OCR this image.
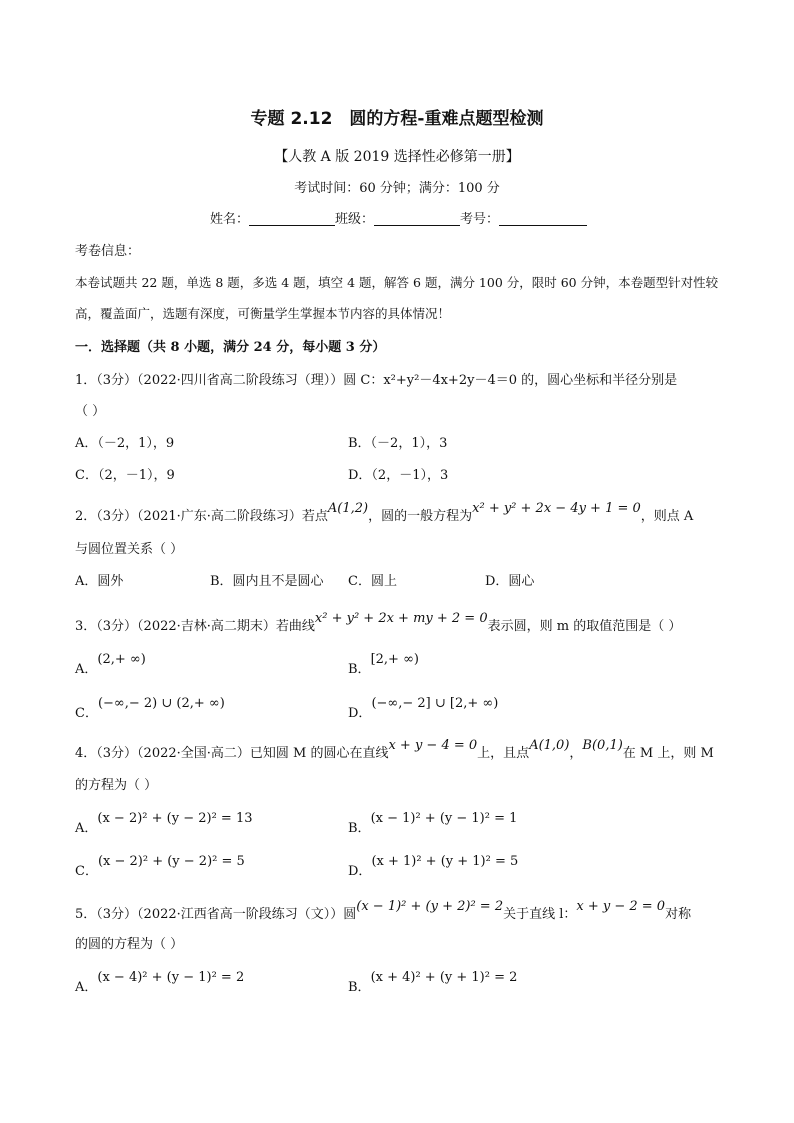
专题 2.12　圆的方程-重难点题型检测
【人教 A 版 2019 选择性必修第一册】
考试时间：60 分钟；满分：100 分
姓名：	班级：	考号：
考卷信息：
本卷试题共 22 题，单选 8 题，多选 4 题，填空 4 题，解答 6 题，满分 100 分，限时 60 分钟，本卷题型针对性较
高，覆盖面广，选题有深度，可衡量学生掌握本节内容的具体情况！
一．选择题（共 8 小题，满分 24 分，每小题 3 分）
1．（3分）（2022·四川省高二阶段练习（理））圆 C：x²+y²－4x+2y－4＝0 的，圆心坐标和半径分别是
（ ）
A．（－2，1），9	B．（－2，1），3
C．（2，－1），9	D．（2，－1），3
2．（3分）（2021·广东·高二阶段练习）若点A(1,2)，圆的一般方程为x² + y² + 2x − 4y + 1 = 0，则点 A
与圆位置关系（ ）
A．圆外	B．圆内且不是圆心 C．圆上	D．圆心
3．（3分）（2022·吉林·高二期末）若曲线x² + y² + 2x + my + 2 = 0表示圆，则 m 的取值范围是（ ）
A．(2,+ ∞)
B．[2,+ ∞)
C．(−∞,− 2) ∪ (2,+ ∞)
D．(−∞,− 2] ∪ [2,+ ∞)
4．（3分）（2022·全国·高二）已知圆 M 的圆心在直线x + y − 4 = 0上，且点A(1,0)，B(0,1)在 M 上，则 M
的方程为（ ）
A．(x − 2)² + (y − 2)² = 13
B．(x − 1)² + (y − 1)² = 1
C．(x − 2)² + (y − 2)² = 5
D．(x + 1)² + (y + 1)² = 5
5．（3分）（2022·江西省高一阶段练习（文））圆(x − 1)² + (y + 2)² = 2关于直线 l：x + y − 2 = 0对称
的圆的方程为（ ）
A．(x − 4)² + (y − 1)² = 2
B．(x + 4)² + (y + 1)² = 2
